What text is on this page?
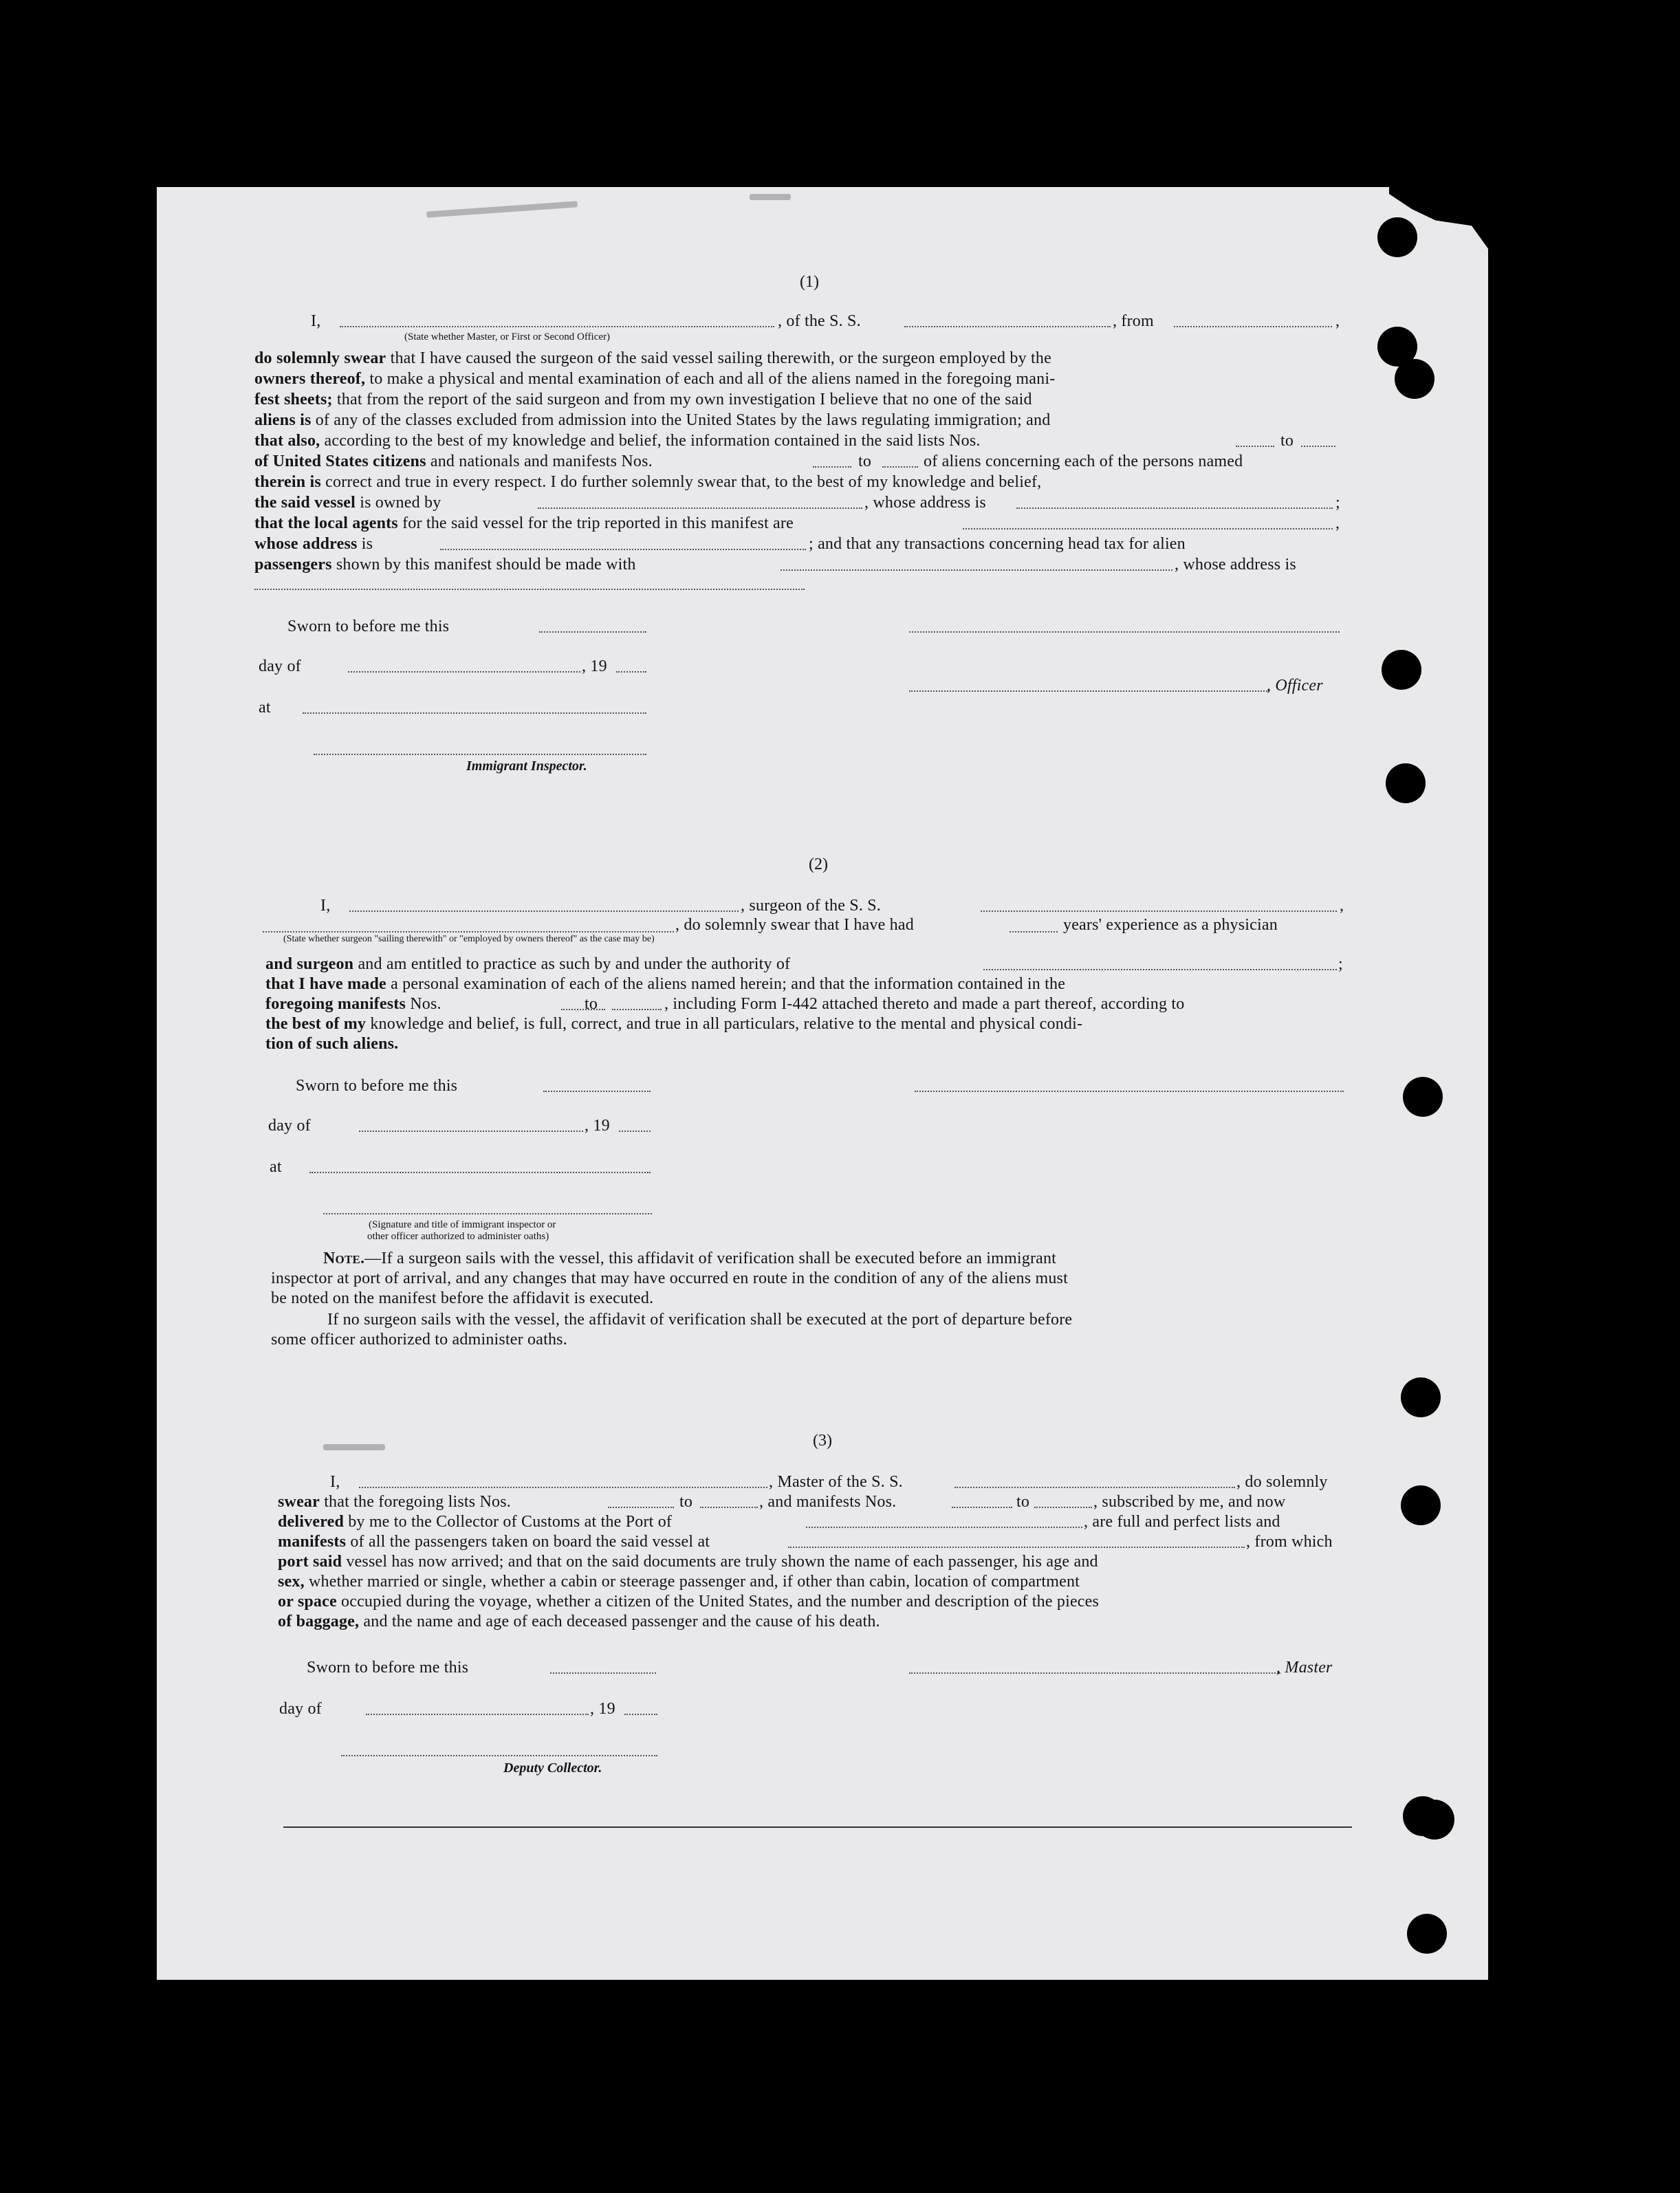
(1)
I,	, of the S. S.	, from	,
(State whether Master, or First or Second Officer)
do solemnly swear that I have caused the surgeon of the said vessel sailing therewith, or the surgeon employed by the
owners thereof, to make a physical and mental examination of each and all of the aliens named in the foregoing mani-
fest sheets; that from the report of the said surgeon and from my own investigation I believe that no one of the said
aliens is of any of the classes excluded from admission into the United States by the laws regulating immigration; and
that also, according to the best of my knowledge and belief, the information contained in the said lists Nos.	to
of United States citizens and nationals and manifests Nos.	to	of aliens concerning each of the persons named
therein is correct and true in every respect. I do further solemnly swear that, to the best of my knowledge and belief,
the said vessel is owned by	, whose address is	;
that the local agents for the said vessel for the trip reported in this manifest are	,
whose address is	; and that any transactions concerning head tax for alien
passengers shown by this manifest should be made with	, whose address is
Sworn to before me this
day of	, 19
, Officer
at
Immigrant Inspector.
(2)
I,	, surgeon of the S. S.	,
, do solemnly swear that I have had	years' experience as a physician
(State whether surgeon "sailing therewith" or "employed by owners thereof" as the case may be)
and surgeon and am entitled to practice as such by and under the authority of	;
that I have made a personal examination of each of the aliens named herein; and that the information contained in the
foregoing manifests Nos.	to	, including Form I-442 attached thereto and made a part thereof, according to
the best of my knowledge and belief, is full, correct, and true in all particulars, relative to the mental and physical condi-
tion of such aliens.
Sworn to before me this
day of	, 19
at
(Signature and title of immigrant inspector or
other officer authorized to administer oaths)
Note.—If a surgeon sails with the vessel, this affidavit of verification shall be executed before an immigrant
inspector at port of arrival, and any changes that may have occurred en route in the condition of any of the aliens must
be noted on the manifest before the affidavit is executed.
If no surgeon sails with the vessel, the affidavit of verification shall be executed at the port of departure before
some officer authorized to administer oaths.
(3)
I,	, Master of the S. S.	, do solemnly
swear that the foregoing lists Nos.	to	, and manifests Nos.	to	, subscribed by me, and now
delivered by me to the Collector of Customs at the Port of	, are full and perfect lists and
manifests of all the passengers taken on board the said vessel at	, from which
port said vessel has now arrived; and that on the said documents are truly shown the name of each passenger, his age and
sex, whether married or single, whether a cabin or steerage passenger and, if other than cabin, location of compartment
or space occupied during the voyage, whether a citizen of the United States, and the number and description of the pieces
of baggage, and the name and age of each deceased passenger and the cause of his death.
Sworn to before me this	, Master
day of	, 19
Deputy Collector.
